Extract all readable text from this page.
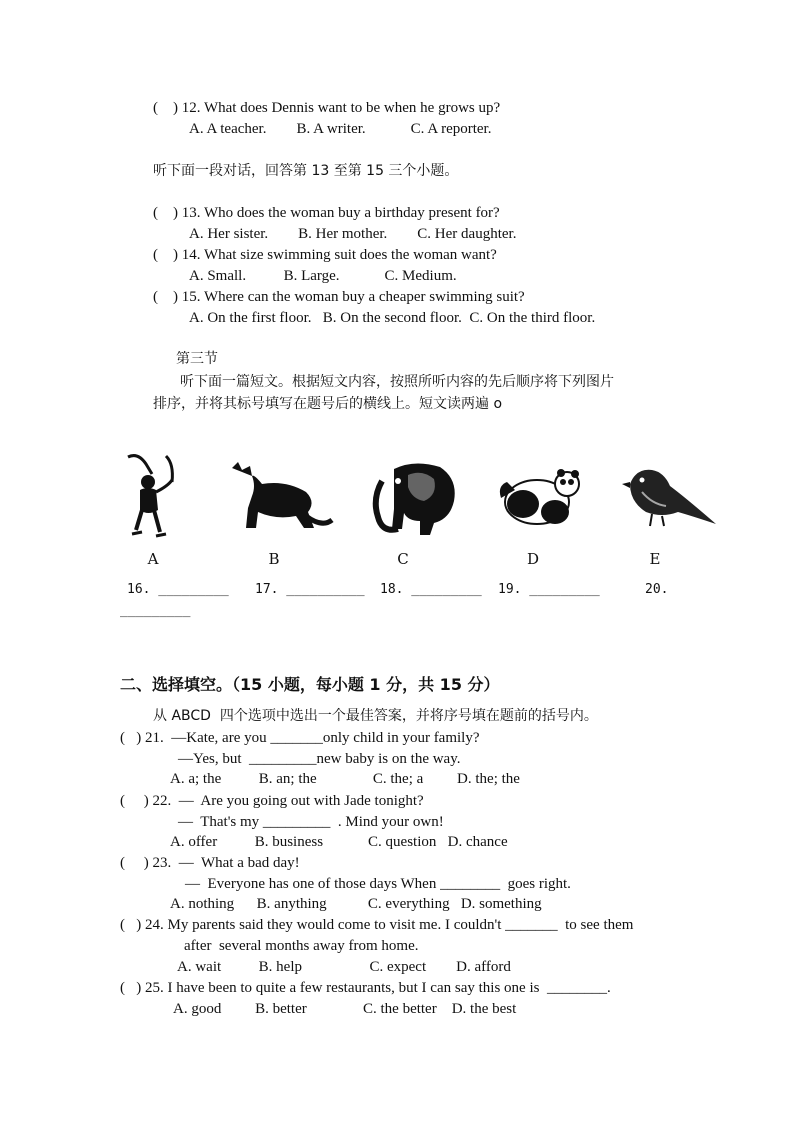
(    ) 12. What does Dennis want to be when he grows up?
A. A teacher.        B. A writer.            C. A reporter.
听下面一段对话，回答第 13 至第 15 三个小题。
(    ) 13. Who does the woman buy a birthday present for?
A. Her sister.        B. Her mother.        C. Her daughter.
(    ) 14. What size swimming suit does the woman want?
A. Small.          B. Large.            C. Medium.
(    ) 15. Where can the woman buy a cheaper swimming suit?
A. On the first floor.   B. On the second floor.  C. On the third floor.
第三节
听下面一篇短文。根据短文内容，按照所听内容的先后顺序将下列图片
排序，并将其标号填写在题号后的横线上。短文读两遍 o
A	B	C	D	E
16. _________ 17. __________ 18. _________ 19. _________	20.
_________
二、选择填空。（15 小题，每小题 1 分，共 15 分）
从 ABCD  四个选项中选出一个最佳答案，并将序号填在题前的括号内。
(   ) 21.  —Kate, are you _______only child in your family?
—Yes, but  _________new baby is on the way.
A. a; the          B. an; the               C. the; a         D. the; the
(     ) 22.  —  Are you going out with Jade tonight?
—  That's my _________  . Mind your own!
A. offer          B. business            C. question   D. chance
(     ) 23.  —  What a bad day!
—  Everyone has one of those days When ________  goes right.
A. nothing      B. anything           C. everything   D. something
(   ) 24. My parents said they would come to visit me. I couldn't _______  to see them
after  several months away from home.
A. wait          B. help                  C. expect        D. afford
(   ) 25. I have been to quite a few restaurants, but I can say this one is  ________.
A. good         B. better               C. the better    D. the best
